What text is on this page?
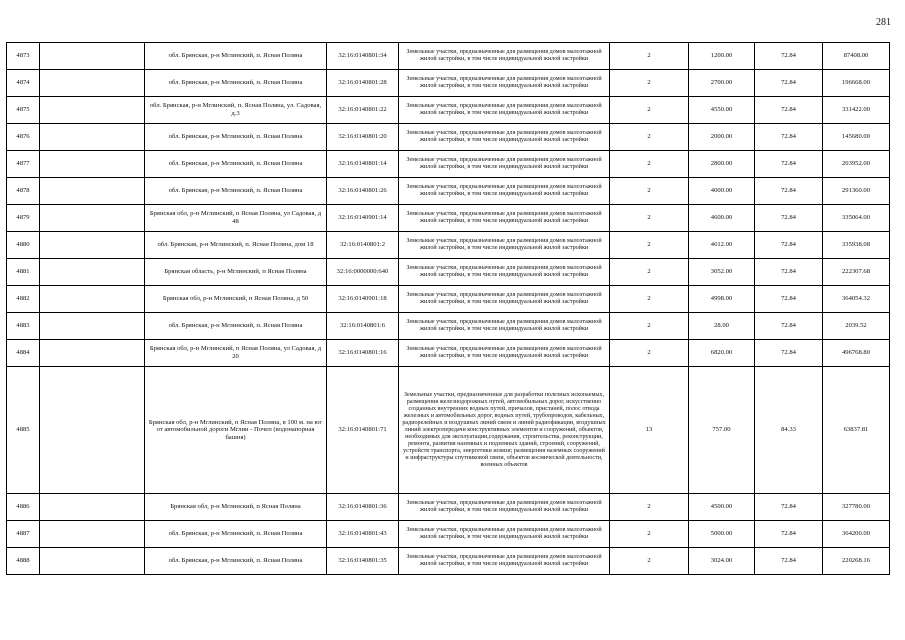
281
4873		обл. Брянская, р-н Мглинский, п. Ясная Поляна	32:16:0140801:34	Земельные участки, предназначенные для размещения домов малоэтажной жилой застройки, в том числе индивидуальной жилой застройки	2	1200.00	72.84	87408.00
4874		обл. Брянская, р-н Мглинский, п. Ясная Поляна	32:16:0140801:28	Земельные участки, предназначенные для размещения домов малоэтажной жилой застройки, в том числе индивидуальной жилой застройки	2	2700.00	72.84	196668.00
4875		обл. Брянская, р-н Мглинский, п. Ясная Поляна, ул. Садовая, д.3	32:16:0140801:22	Земельные участки, предназначенные для размещения домов малоэтажной жилой застройки, в том числе индивидуальной жилой застройки	2	4550.00	72.84	331422.00
4876		обл. Брянская, р-н Мглинский, п. Ясная Поляна	32:16:0140801:20	Земельные участки, предназначенные для размещения домов малоэтажной жилой застройки, в том числе индивидуальной жилой застройки	2	2000.00	72.84	145680.00
4877		обл. Брянская, р-н Мглинский, п. Ясная Поляна	32:16:0140801:14	Земельные участки, предназначенные для размещения домов малоэтажной жилой застройки, в том числе индивидуальной жилой застройки	2	2800.00	72.84	203952.00
4878		обл. Брянская, р-н Мглинский, п. Ясная Поляна	32:16:0140801:26	Земельные участки, предназначенные для размещения домов малоэтажной жилой застройки, в том числе индивидуальной жилой застройки	2	4000.00	72.84	291360.00
4879		Брянская обл, р-н Мглинский, п Ясная Поляна, ул Садовая, д 48	32:16:0140901:14	Земельные участки, предназначенные для размещения домов малоэтажной жилой застройки, в том числе индивидуальной жилой застройки	2	4600.00	72.84	335064.00
4880		обл. Брянская, р-н Мглинский, п. Ясная Поляна, дом 18	32:16:0140801:2	Земельные участки, предназначенные для размещения домов малоэтажной жилой застройки, в том числе индивидуальной жилой застройки	2	4612.00	72.84	335938.08
4881		Брянская область, р-н Мглинский, п Ясная Поляна	32:16:0000000:640	Земельные участки, предназначенные для размещения домов малоэтажной жилой застройки, в том числе индивидуальной жилой застройки	2	3052.00	72.84	222307.68
4882		Брянская обл, р-н Мглинский, п Ясная Поляна, д 50	32:16:0140901:18	Земельные участки, предназначенные для размещения домов малоэтажной жилой застройки, в том числе индивидуальной жилой застройки	2	4998.00	72.84	364054.32
4883		обл. Брянская, р-н Мглинский, п. Ясная Поляна	32:16:0140801:6	Земельные участки, предназначенные для размещения домов малоэтажной жилой застройки, в том числе индивидуальной жилой застройки	2	28.00	72.84	2039.52
4884		Брянская обл, р-н Мглинский, п Ясная Поляна, ул Садовая, д 20	32:16:0140801:16	Земельные участки, предназначенные для размещения домов малоэтажной жилой застройки, в том числе индивидуальной жилой застройки	2	6820.00	72.84	496768.80
4885		Брянская обл, р-н Мглинский, п Ясная Поляна, в 100 м. на юг от автомобильной дороги Мглин - Почеп (водонапорная башня)	32:16:0140801:71	Земельные участки, предназначенные для разработки полезных ископаемых, размещения железнодорожных путей, автомобильных дорог, искусственно созданных внутренних водных путей, причалов, пристаней, полос отвода железных и автомобильных дорог, водных путей, трубопроводов, кабельных, радиорелейных и воздушных линий связи и линий радиофикации, воздушных линий электропередачи конструктивных элементов и сооружений, объектов, необходимых для эксплуатации,содержания, строительства, реконструкции, ремонта, развития наземных и подземных зданий, строений, сооружений, устройств транспорта, энергетики исвязи; размещения наземных сооружений и инфраструктуры спутниковой связи, объектов космической деятельности, военных объектов	13	757.00	84.33	63837.81
4886		Брянская обл, р-н Мглинский, п Ясная Поляна	32:16:0140801:36	Земельные участки, предназначенные для размещения домов малоэтажной жилой застройки, в том числе индивидуальной жилой застройки	2	4500.00	72.84	327780.00
4887		обл. Брянская, р-н Мглинский, п. Ясная Поляна	32:16:0140801:43	Земельные участки, предназначенные для размещения домов малоэтажной жилой застройки, в том числе индивидуальной жилой застройки	2	5000.00	72.84	364200.00
4888		обл. Брянская, р-н Мглинский, п. Ясная Поляна	32:16:0140801:35	Земельные участки, предназначенные для размещения домов малоэтажной жилой застройки, в том числе индивидуальной жилой застройки	2	3024.00	72.84	220268.16
